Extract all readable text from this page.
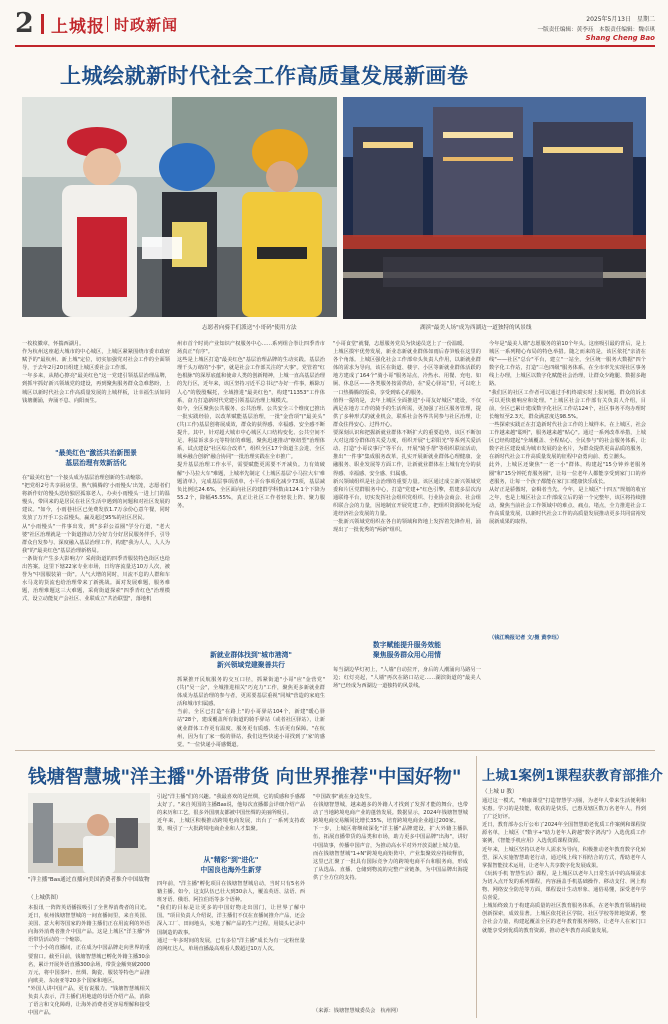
2 上城报 时政新闻	2025年5月13日　星期二
一版责任编辑：黄李珏　本版责任编辑：魏卓琪
Shang Cheng Bao
上城绘就新时代社会工作高质量发展新画卷
志愿者向骑手们派送"小哥码"使用方法	湖滨"最美人场"成为西湖边一道独特的风景线
一枚枚徽章，怀揣西湖月。
作为杭州这座超大城市的中心城区，上城区紧紧围绕市委市政府赋予的"最杭州、新上城"定位，切实加强党对社会工作的全面领导，于去年2月20日组建上城区委社会工作部。
一年多来，从精心擦亮"最美红色"这一党建引领基层治理品牌，到抓牢抓好新兴领域党的建设，再到聚焦服务群众急难愁盼，上城区以新时代社会工作高质量发展的上城样板，让幸福生活如同钱塘潮涌，奔涌不息、向阳而生。
"最美红色"激活共治新图景
基层治理有效新活化
在"最美红色"一个接头成为基层治理创新的生动缩影。
"把党组2号共享厨房里，熟气腾腾的'小雨慢头'出笼，志愿者们将新作好的慢头送给独居孤寡老人，办卖小雨慢头一进上门的温慢头，带回来的是居民在社区生活中遇到的问题和对社区发展的建议。"如今，小雨巷社区已免费发放1.7万余份心意午餐，同时发放了万开手工公益慢头，赢及超过95%的社区居民。
从"小雨慢头"一件事出发，到"多彩公益圈"学分行道，"老大婆"社区治理就是一个街道推动力分好力分好居民服务伴手，引导群众自发参与、深度融入基层治理工作，构建"我为人人，人人为我"的"最美红色"基层治理新格局。
一条街有产生多大影响力？采荷街道的四季青服装特色街区也给出答案。这里下辖22家专业市场，日均客流量达10万人次，被誉为"中国服装第一街"。人气大增的同时，川流不息的人群和车水马龙的货流也给治理带来了新挑战。面对发展难题，服务难题，治理难题这三大难题，采荷街道探索"四季青红色"治理模式，设立动能复产会社区、业联成立"共治联盟"，落地机
州市首个时尚产业知识产权服务中心……系列组合拳让四季青市场真正"有序"。
这些是上城区打造"最美红色"基层治理品牌的生动实践。基层治理千头万绪的"小事"，就是社会工作部关注的"大事"。党管着"红色根脉"的深厚底蕴和使命人类的创新精神，上城一直高基层治理的先行区，近年来，该区坚持习近平总书记"办好一件事，解除万人心"的殷殷嘱托，全域推进"最美红色"，构建"11353"工作体系，奋力打造新时代党建引领基层治理上城模式。
如今，全区聚焦公共服务、公共治理、公共安全三个维度已推出一批实践经验，以改革赋能基层治理，一批"金营项"("最美头"(共)工作)基层创将展成效，群众的获得感、幸福感、安全感不断提升。其中，针对超大城市中心城区人口结构变化、公共空间不足、利益诉求多元等特征的难题，聚焦迅速推动"枢纽型"治理体系，试点建设"社区综合改革"，组织全区17个街道主会进，全区城乡融合创新"融合协同"一批治理实践在全市推广。
提升基层治理工作水平，需要赋能更需要不开减负。力有效破解"小马拉大车"难题，上城率先制定《上城区基层'小马拉大车'难题清单》，完成基层事项清单，小平台事项化减少73项，基层减负比例达24.6%，全区面向社区的建群学科数由124.1个下降为55.2个，降幅45.55%，真正让社区工作者轻装上阵、聚力服务。
新就业群体找到"城市港湾"
新兴领域党建聚善共行
抓紧推开民航服务的交互口径，抓紧街道"小哥"应"金营党"(共)"吴一会"，全城推进相关"巧克力"工作，聚焦更多新就业群体成为基层治理的参与者，更需要基层重视"同城"营造的家庭生活和城市归属感。
当前，全区已打造"在路上"的小哥驿站104个，新建"暖心驿站"28个，建成覆盖所有街道的骑手驿站（或者社区驿站），让新就业群体工作更有温度、服务更有质感、生活更有保障。"在杭州，因为有了家一般的驿站，我们这些快递小哥找到了'家'的感觉。"一位快递小哥感慨道。
"小哥食堂"就餐，志愿服务党员为快递员送上了一份温暖。
上城区摸牢优势发展，新业态新就业群体如雨后春笋般在这里的各个角落。上城区强化社会工作部牵头负责人作用，以新就业群体的需求为导向，该区在街道、楼宇、小区等新就业群体活跃的地方建成了164个"骑小哥"服务站点，冷热水、用餐、充电、如厕、休息区——各类服务按需供给，在"爱心驿站"里，可以吃上一口热腾腾的饭菜，享受到贴心的服务。
值得一提的是，去年上城区全面推进"小哥友好城区"建设，不仅满足在地方工作的骑手的生活所需，更加强了社区服务管理，提供了多种形式的就业机会，联系社会各界共同参与社区治理，让群众住得安心、过得开心。
要深刻认识和把握新就业群体不断扩大的重要趋势，该区不断加大对这部分群体的关爱力度，组织开展"七彩阳光"等系列关爱活动、打造"小哥议事厅"等平台，开展"骑手帮"等组织联谊活动，推出"一件事"集成服务改革，扎实开展新就业群体心理健康、金融服务、职业发展等方面工作，让新就业群体在上城有充分的获得感、幸福感、安全感、归属感。
新兴领域组织是社会治理的重要力量。该区通过成立新兴领域党委和片区党群服务中心，打造"党建+"红色引擎，搭建多层次沟通联络平台，切实发挥社会组织党组织、行业协会商会、社会组织联合会的力量，因地制宜开展党建工作，把组织资源转化为促进经济社会发展的力量。
一批新兴领域党组织在各自的领域和阵地上发挥着先锋作用，涌现出了一批优秀的"两新"组织。
数字赋能提升服务效能
聚焦服务群众用心用情
每当湖边华灯初上，"人墙"自动拉开，身后的人潮涌向马路另一边；红灯亮起，"人墙"再次在路口站定……湖滨街道的"最美人场"已经成为西湖边一道独特的风景线。
今年是"最美人墙"志愿服务的第10个年头。这座吸引最的背后，是上城区一系列精心布局的特色举措。随之而来的是，该区依托"亲清在线"——社区"总台"平台，建立"一站全，全区统一服务大数据"四个数字化工作站，打造"三色四级"服务体系，在全市率先实现社区事务线上办理，上城区以数字化赋能社会治理，让群众少跑腿、数据多跑路。
"我们区的社区工作者可以通过手机终端实时上报问题，群众的诉求可以更快被响应和处理。"上城区社会工作部有关负责人介绍，目前，全区已累计建成数字化社区工作站124个，社区事务平均办理时长缩短至2.3天，群众满意度达98.5%。
一些探索实践正在打造新时代社会工作的上城样本。在上城区，社会工作越来越"聪明"，服务越来越"贴心"。通过一系列改革举措，上城区已经构建起"全域覆盖、全程贴心、全民参与"的社会服务体系，让数字社区建设成为城市发展的金名片，为群众提供更高品质的服务，在新时代社会工作高质量发展的征程中奋勇向前、勇立潮头。
此外，上城区还聚焦"一老一小"群体，构建起"15分钟养老服务圈"和"15分钟托育服务圈"，让每一位老年人都能享受到家门口的养老服务，让每一个孩子都能在家门口健康快乐成长。
从好正是骄傲时，奋楫者当先。今年，是上城区"十四五"规划的收官之年，也是上城区社会工作部成立后的第一个完整年，该区将持续推动，聚焦当前社会工作领域中的难点、痛点、堵点，全力推进社会工作高质量发展，以新时代社会工作的高质量发展推动更多共同富裕发展新成果的取得。
（钱江晚报记者 文/摄 黄李珏）
钱塘智慧城"洋主播"外语带货 向世界推荐"中国好物"
"洋主播"Bas通过直播向美国消费者推介中国故物
（上城供图）
本报讯 一阵阵英语播报吸引了全世界消费者的目光。近日，杭州钱塘智慧城的一间直播间里，来自英国、美国、意大利等国家的外籍主播们正在用流利的外语向海外消费者推介中国产品。这是上城区"洋主播"外语带货活动的一个缩影。
一个小小的直播间，正在成为中国品牌走向世界的重要窗口。截至目前，钱塘智慧城已孵化外籍主播30余名，累计开展外语直播300余场，带货金额突破2000万元，将中国茶叶、丝绸、陶瓷、服装等特色产品推向欧美、东南亚等20多个国家和地区。
"外国人讲中国产品，更有说服力。"钱塘智慧城相关负责人表示，洋主播们用地道的母语介绍产品，消除了语言和文化障碍，让海外消费者更容易理解和接受中国产品。
引起"洋主播"们的兴趣。"我最喜欢的是丝绸，它的质感和手感都太好了。"来自英国的主播Bas说，他每次直播都会详细介绍产品的来历和工艺，很多外国朋友都被中国丝绸的美丽所吸引。
近年来，上城区积极推动跨境电商发展，出台了一系列支持政策，吸引了一大批跨境电商企业和人才集聚。
从"精彩"到"进化"
中国良也海外生新芽
四年前，"洋主播"孵化项目在钱塘智慧城启动，当时只有5名外籍主播。如今，这支队伍已壮大到30余人，覆盖英语、法语、西班牙语、俄语、阿拉伯语等多个语种。
"我们的目标是让更多的中国好物走出国门，让世界了解中国。"项目负责人介绍说，洋主播们不仅在直播间推介产品，还会深入工厂、田间地头，实地了解产品的生产过程，用镜头记录中国制造的故事。
通过一年多时间的发展，已有多位"洋主播"成长为有一定粉丝量的网红达人，单场直播最高观看人数超过10万人次。
"中国故事"就在身边发生。
在钱塘智慧城，越来越多的外籍人才找到了发挥才能的舞台，也带动了当地跨境电商产业的蓬勃发展。数据显示，2024年钱塘智慧城跨境电商交易额同比增长35%，培育跨境电商企业超过200家。
下一步，上城区将继续深化"洋主播"品牌建设，扩大外籍主播队伍，拓展直播带货的品类和市场，助力更多中国品牌"出海"，讲好中国故事，传播中国声音，为推动高水平对外开放贡献上城力量。
而在钱塘智慧城"1+N"跨境电商矩阵中，产业集聚效应持续释放，这里已汇聚了一批具有国际竞争力的跨境电商平台和服务商，形成了从选品、直播、仓储到物流的完整产业链条，为中国品牌出海提供了全方位的支持。
（来源：钱塘智慧城委员会　杭州网）
上城1案例1课程获教育部推介
（上城 U 教）
通过这一模式，"唯康课堂"打造智慧学习圈，为老年人带来生活便利和实惠。学习的是技能，收获的是快乐，已惠及辖区数万名老年人，得到了广泛好评。
近日，教育部办公厅公布了2024年全国智慧助老优质工作案例和课程资源名单，上城区《"数字+"助力老年人跨越"数字鸿沟"》入选优质工作案例，《智能手机应用》入选优质课程资源。
近年来，上城区坚持以老年人需求为导向，积极推动老年教育数字化转型，深入实施智慧助老行动，通过线上线下相结合的方式，帮助老年人掌握智能技术运用，让老年人共享数字化发展成果。
《玩转手机 智慧生活》课程，是上城区以老年人日常生活中的高频需求为切入点开发的系列课程，内容涵盖手机基础操作、移动支付、网上购物、网络安全防范等方面，课程设计生动形象、通俗易懂，深受老年学员喜爱。
上城始终致力于构建高质量的社区教育服务体系，在老年教育领域持续创新探索，成效显著。上城区依托社区学院、社区学校等阵地资源，整合社会力量，构建起覆盖全区的老年教育服务网络，让老年人在家门口就能享受到优质的教育资源，推动老年教育高质量发展。
